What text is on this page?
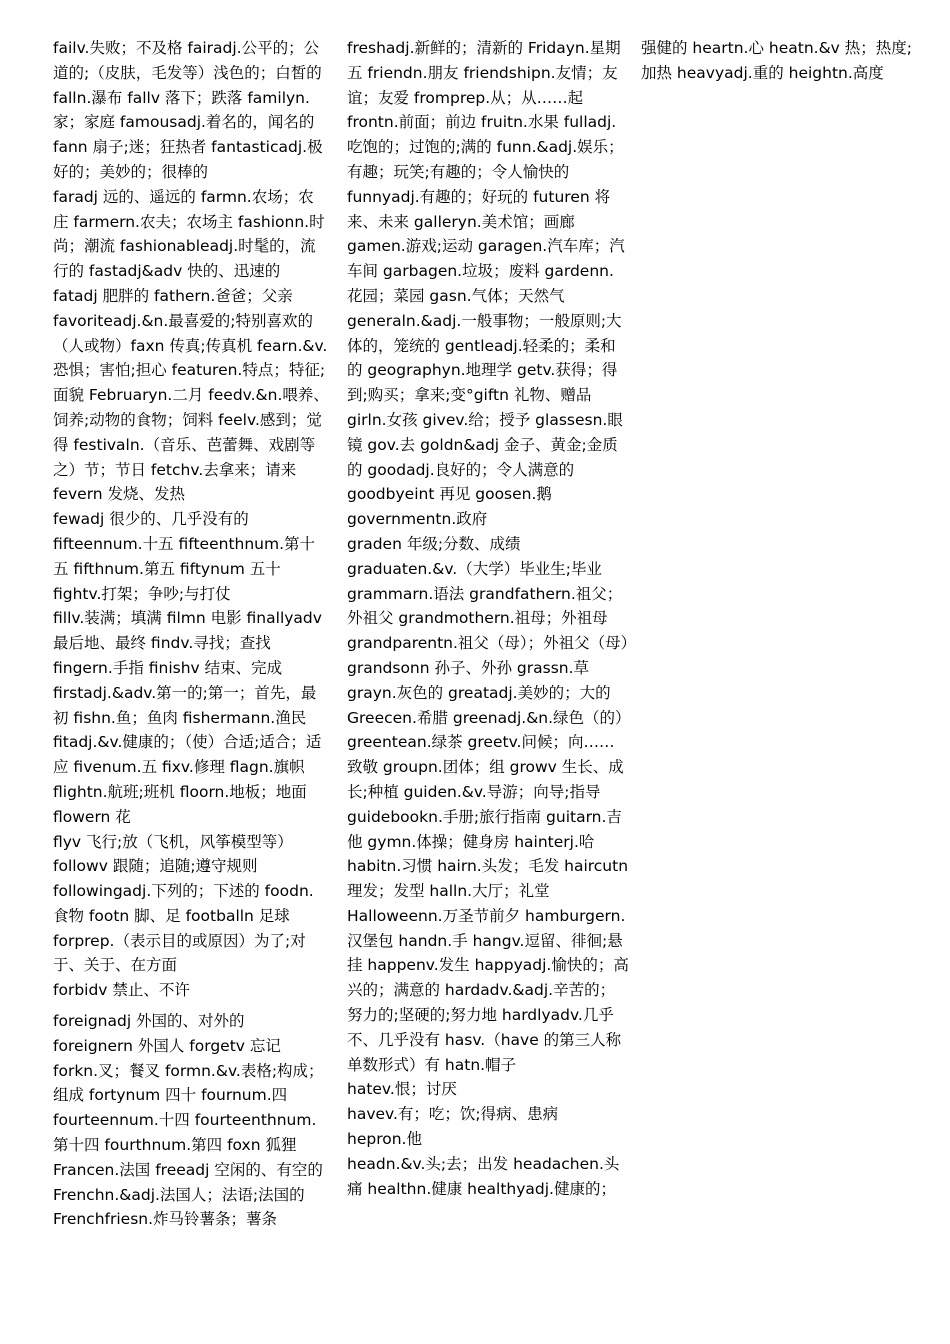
failv.失败；不及格 fairadj.公平的；公道的;（皮肤，毛发等）浅色的；白皙的 falln.瀑布 fallv 落下；跌落 familyn.家；家庭 famousadj.着名的，闻名的 fann 扇子;迷；狂热者 fantasticadj.极好的；美妙的；很棒的

faradj 远的、遥远的 farmn.农场；农庄 farmern.农夫；农场主 fashionn.时尚；潮流 fashionableadj.时髦的，流行的 fastadj&adv 快的、迅速的 fatadj 肥胖的 fathern.爸爸；父亲 favoriteadj.&n.最喜爱的;特别喜欢的（人或物）faxn 传真;传真机 fearn.&v.恐惧；害怕;担心 featuren.特点；特征;面貌 Februaryn.二月 feedv.&n.喂养、饲养;动物的食物；饲料 feelv.感到；觉得 festivaln.（音乐、芭蕾舞、戏剧等之）节；节日 fetchv.去拿来；请来 fevern 发烧、发热

fewadj 很少的、几乎没有的

fifteennum.十五 fifteenthnum.第十五 fifthnum.第五 fiftynum 五十

fightv.打架；争吵;与打仗

fillv.装满；填满 filmn 电影 finallyadv 最后地、最终 findv.寻找；查找 fingern.手指 finishv 结束、完成 firstadj.&adv.第一的;第一；首先，最初 fishn.鱼；鱼肉 fishermann.渔民 fitadj.&v.健康的；（使）合适;适合；适应 fivenum.五 fixv.修理 flagn.旗帜 flightn.航班;班机 floorn.地板；地面 flowern 花

flyv 飞行;放（飞机，风筝模型等）followv 跟随；追随;遵守规则 followingadj.下列的；下述的 foodn.食物 footn 脚、足 footballn 足球 forprep.（表示目的或原因）为了;对于、关于、在方面

forbidv 禁止、不许

foreignadj 外国的、对外的 foreignern 外国人 forgetv 忘记 forkn.叉；餐叉 formn.&v.表格;构成；组成 fortynum 四十 fournum.四 fourteennum.十四 fourteenthnum.第十四 fourthnum.第四 foxn 狐狸 Francen.法国 freeadj 空闲的、有空的 Frenchn.&adj.法国人；法语;法国的

Frenchfriesn.炸马铃薯条；薯条

freshadj.新鲜的；清新的 Fridayn.星期五 friendn.朋友 friendshipn.友情；友谊；友爱 fromprep.从；从……起 frontn.前面；前边 fruitn.水果 fulladj.吃饱的；过饱的;满的 funn.&adj.娱乐；有趣；玩笑;有趣的；令人愉快的 funnyadj.有趣的；好玩的 futuren 将来、未来 galleryn.美术馆；画廊 gamen.游戏;运动 garagen.汽车库；汽车间 garbagen.垃圾；废料 gardenn.花园；菜园 gasn.气体；天然气 generaln.&adj.一般事物；一般原则;大体的，笼统的 gentleadj.轻柔的；柔和的 geographyn.地理学 getv.获得；得到;购买；拿来;变°giftn 礼物、赠品 girln.女孩 givev.给；授予 glassesn.眼镜 gov.去 goldn&adj 金子、黄金;金质的 goodadj.良好的；令人满意的 goodbyeint 再见 goosen.鹅 governmentn.政府

graden 年级;分数、成绩 graduaten.&v.（大学）毕业生;毕业 grammarn.语法 grandfathern.祖父；外祖父 grandmothern.祖母；外祖母 grandparentn.祖父（母）；外祖父（母）

grandsonn 孙子、外孙 grassn.草 grayn.灰色的 greatadj.美妙的；大的 Greecen.希腊 greenadj.&n.绿色（的）greentean.绿茶 greetv.问候；向……致敬 groupn.团体；组 growv 生长、成长;种植 guiden.&v.导游；向导;指导 guidebookn.手册;旅行指南 guitarn.吉他 gymn.体操；健身房 hainterj.哈 habitn.习惯 hairn.头发；毛发 haircutn 理发；发型 halln.大厅；礼堂 Halloweenn.万圣节前夕 hamburgern.汉堡包 handn.手 hangv.逗留、徘徊;悬挂 happenv.发生 happyadj.愉快的；高兴的；满意的 hardadv.&adj.辛苦的；努力的;坚硬的;努力地 hardlyadv.几乎不、几乎没有 hasv.（have 的第三人称单数形式）有 hatn.帽子

hatev.恨；讨厌

havev.有；吃；饮;得病、患病

hepron.他

headn.&v.头;去；出发 headachen.头痛 healthn.健康 healthyadj.健康的；

强健的 heartn.心 heatn.&v 热；热度;加热 heavyadj.重的 heightn.高度
